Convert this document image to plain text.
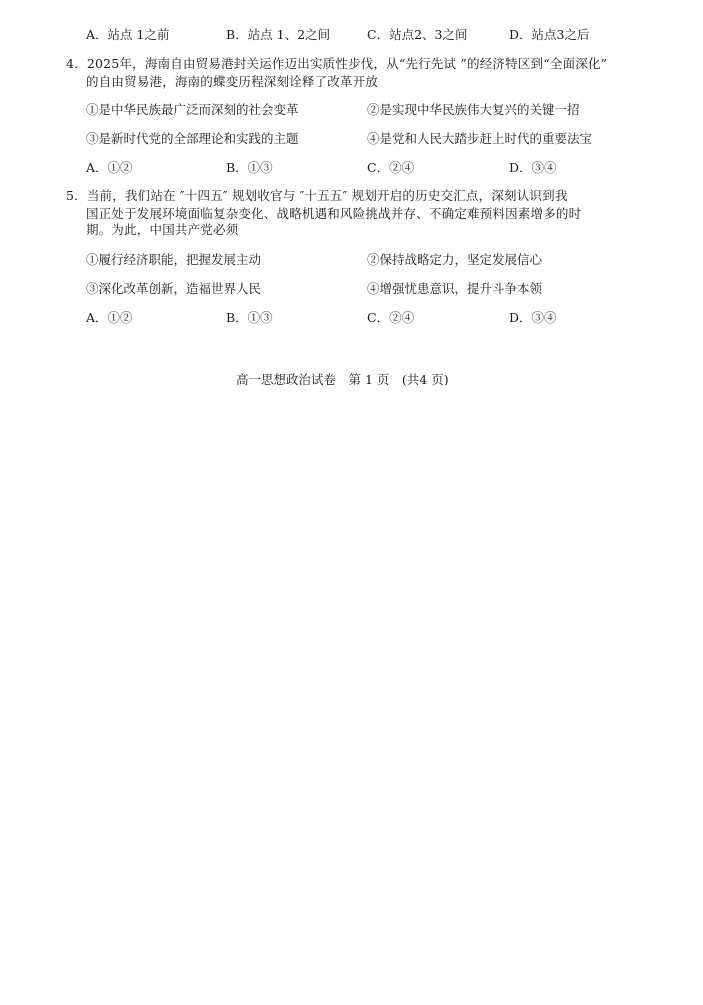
A．站点 1之前	B．站点 1、2之间	C．站点2、3之间	D．站点3之后
4．2025年，海南自由贸易港封关运作迈出实质性步伐，从“先行先试 ”的经济特区到“全面深化”
的自由贸易港，海南的蝶变历程深刻诠释了改革开放
①是中华民族最广泛而深刻的社会变革	②是实现中华民族伟大复兴的关键一招
③是新时代党的全部理论和实践的主题	④是党和人民大踏步赶上时代的重要法宝
A．①②	B．①③	C．②④	D．③④
5．当前，我们站在 ″十四五″ 规划收官与 ″十五五″ 规划开启的历史交汇点，深刻认识到我
国正处于发展环境面临复杂变化、战略机遇和风险挑战并存、不确定难预料因素增多的时
期。为此，中国共产党必须
①履行经济职能，把握发展主动	②保持战略定力，坚定发展信心
③深化改革创新，造福世界人民	④增强忧患意识，提升斗争本领
A．①②	B．①③	C．②④	D．③④
高一思想政治试卷　第 1 页　(共4 页)
